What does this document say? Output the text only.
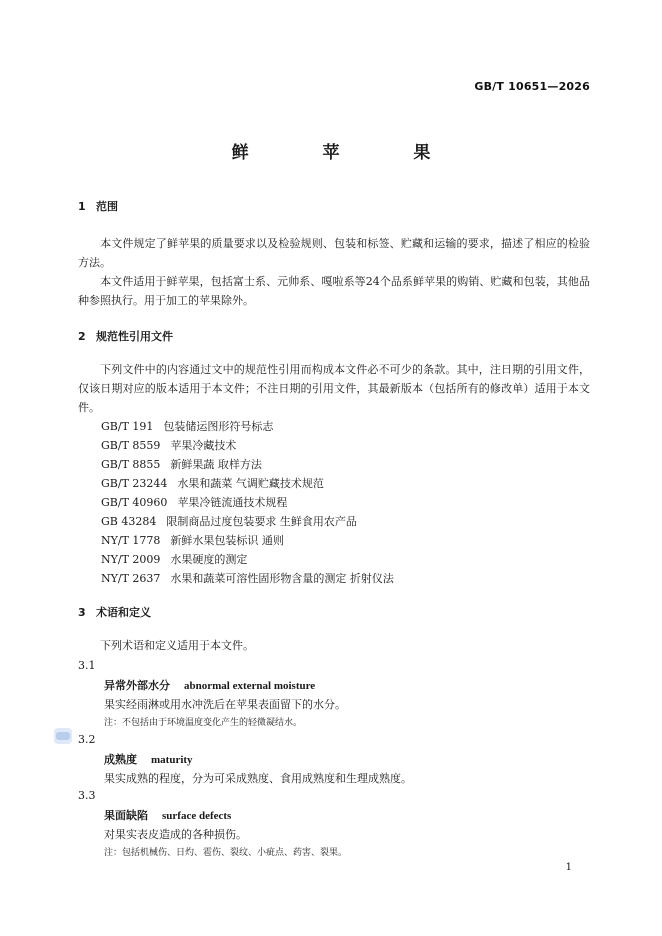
GB/T 10651—2026
鲜 苹 果
1 范围
本文件规定了鲜苹果的质量要求以及检验规则、包装和标签、贮藏和运输的要求，描述了相应的检验方法。
本文件适用于鲜苹果，包括富士系、元帅系、嘎啦系等24个品系鲜苹果的购销、贮藏和包装，其他品种参照执行。用于加工的苹果除外。
2 规范性引用文件
下列文件中的内容通过文中的规范性引用而构成本文件必不可少的条款。其中，注日期的引用文件，仅该日期对应的版本适用于本文件；不注日期的引用文件，其最新版本（包括所有的修改单）适用于本文件。
GB/T 191 包装储运图形符号标志
GB/T 8559 苹果冷藏技术
GB/T 8855 新鲜果蔬 取样方法
GB/T 23244 水果和蔬菜 气调贮藏技术规范
GB/T 40960 苹果冷链流通技术规程
GB 43284 限制商品过度包装要求 生鲜食用农产品
NY/T 1778 新鲜水果包装标识 通则
NY/T 2009 水果硬度的测定
NY/T 2637 水果和蔬菜可溶性固形物含量的测定 折射仪法
3 术语和定义
下列术语和定义适用于本文件。
3.1
异常外部水分 abnormal external moisture
果实经雨淋或用水冲洗后在苹果表面留下的水分。
注：不包括由于环境温度变化产生的轻微凝结水。
3.2
成熟度 maturity
果实成熟的程度，分为可采成熟度、食用成熟度和生理成熟度。
3.3
果面缺陷 surface defects
对果实表皮造成的各种损伤。
注：包括机械伤、日灼、雹伤、裂纹、小疵点、药害、裂果。
1
